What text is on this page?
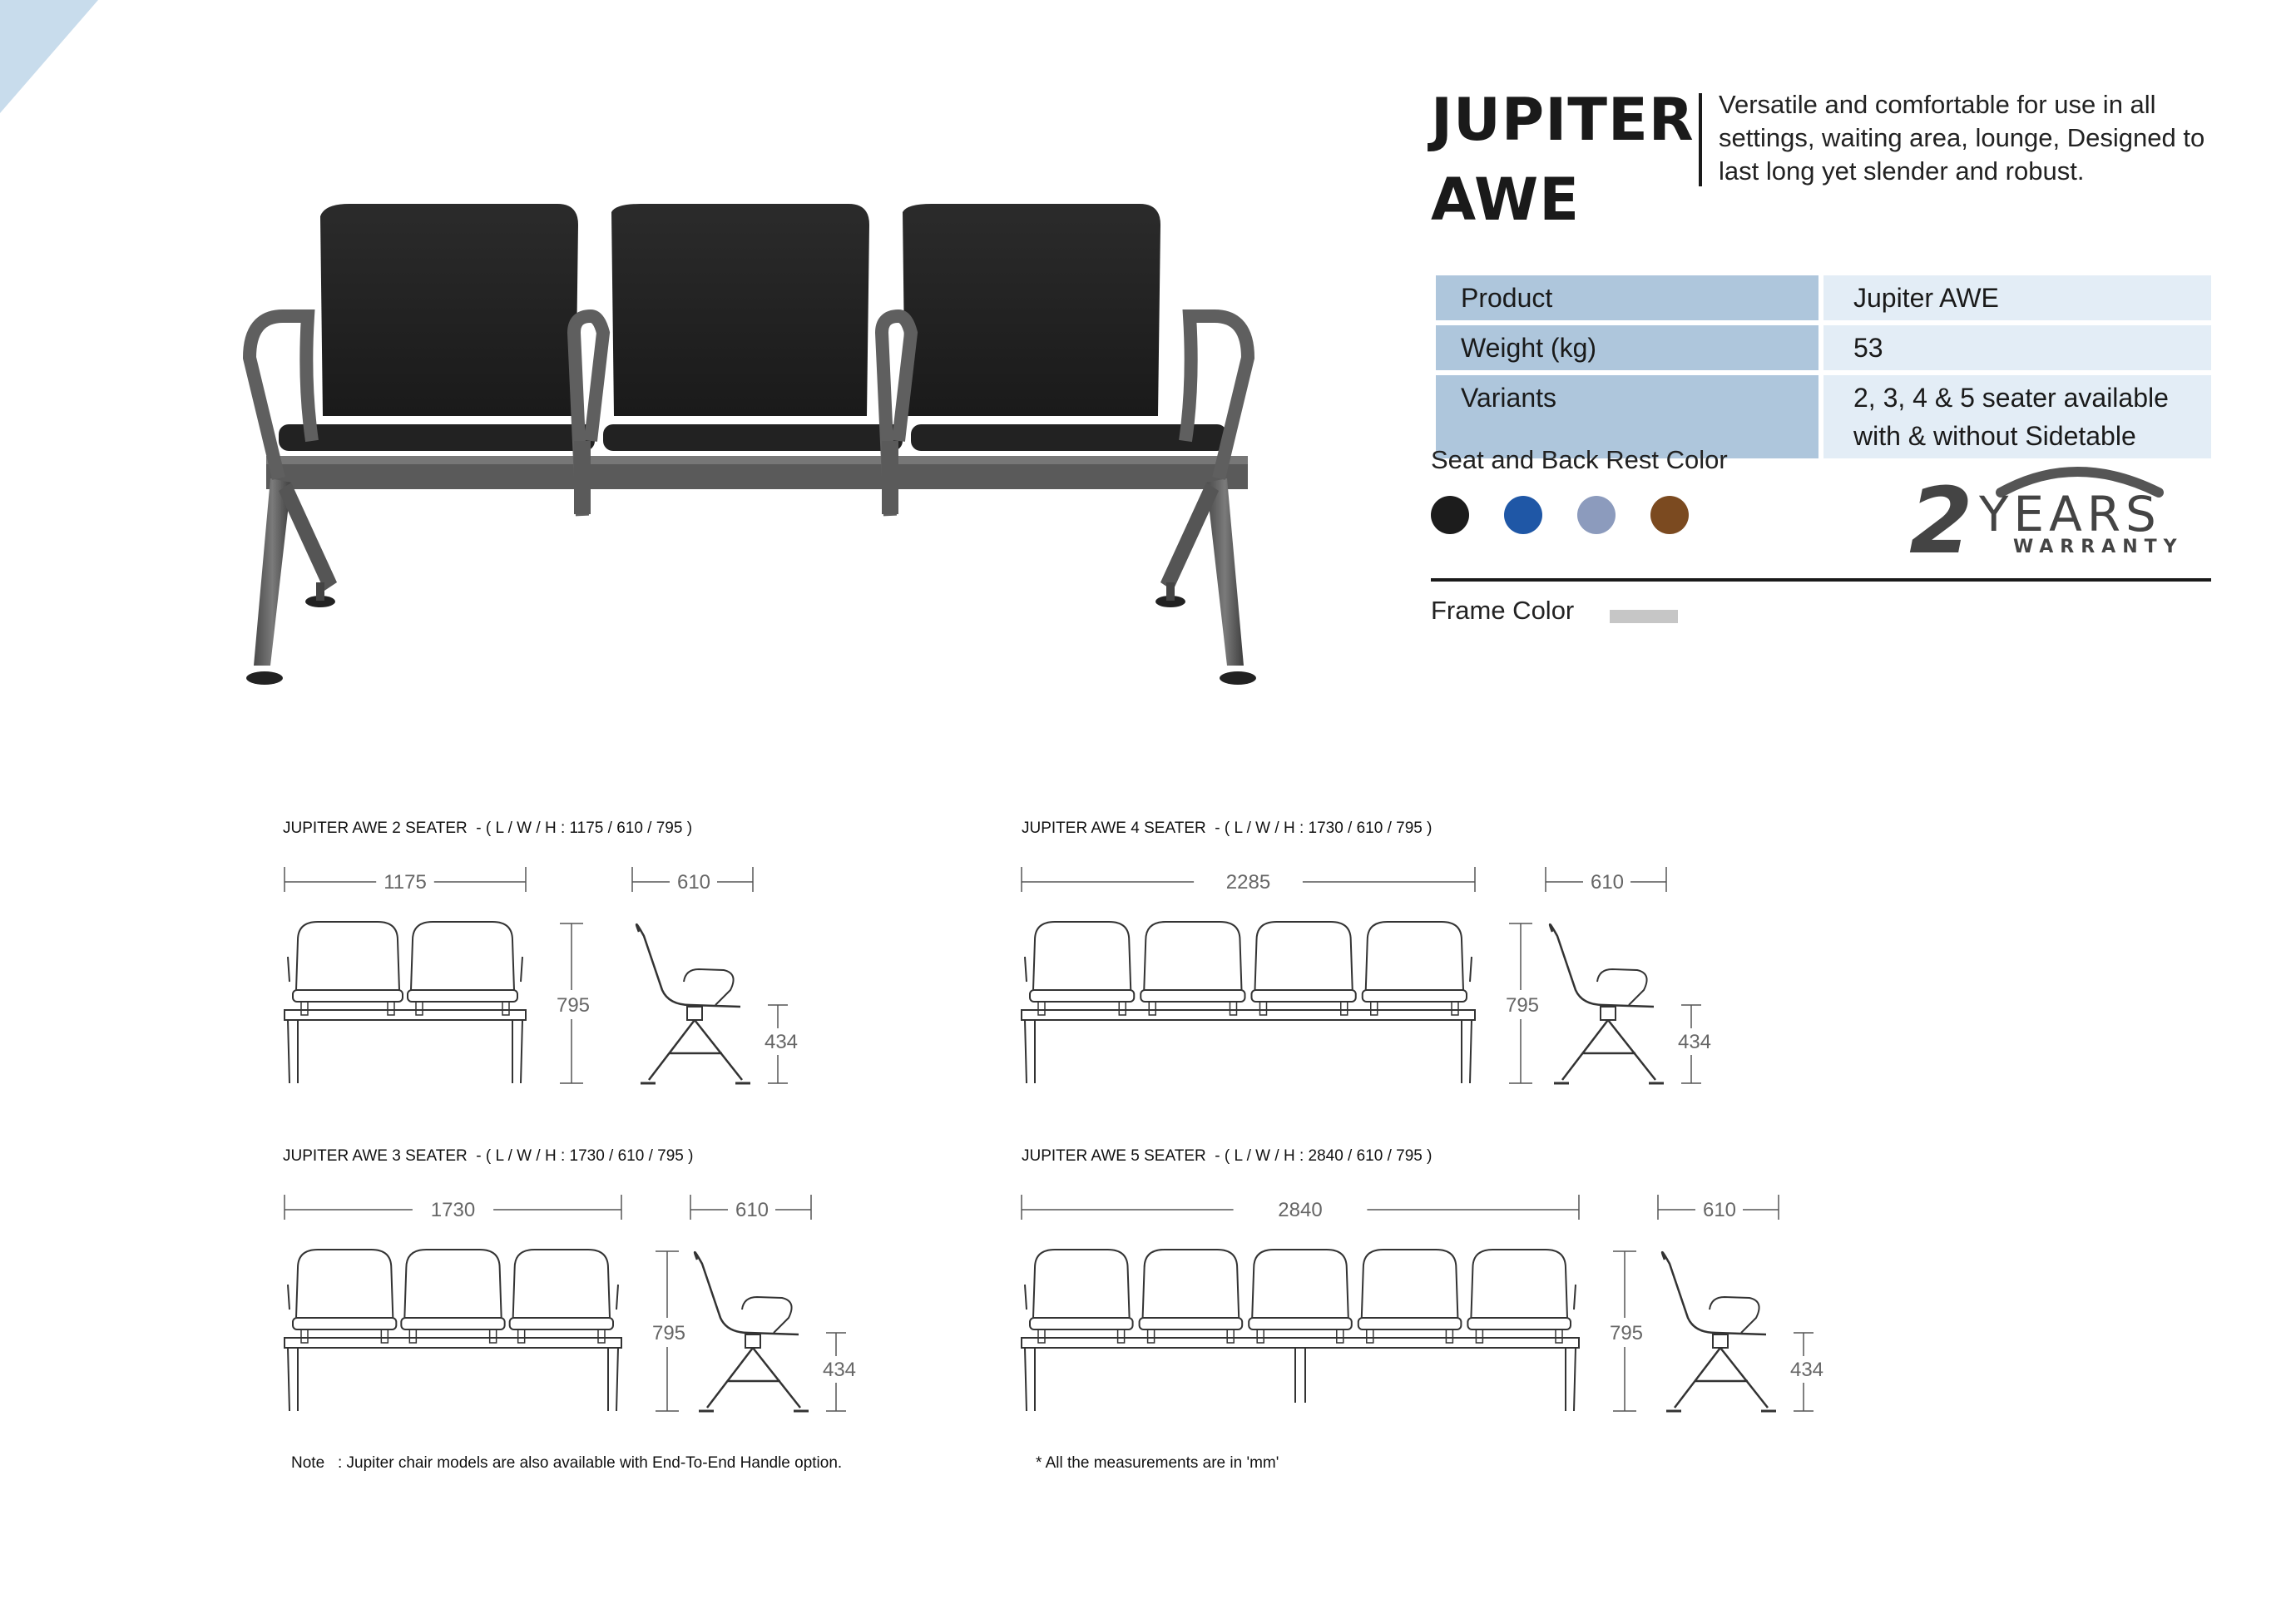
JUPITER
AWE

Versatile and comfortable for use in all settings, waiting area, lounge, Designed to last long yet slender and robust.

Product	Jupiter AWE
Weight (kg)	53
Variants	2, 3, 4 & 5 seater available
with & without Sidetable
Seat and Back Rest Color
2 YEARS
WARRANTY
Frame Color
JUPITER AWE 2 SEATER  - ( L / W / H : 1175 / 610 / 795 )	JUPITER AWE 4 SEATER  - ( L / W / H : 1730 / 610 / 795 )
JUPITER AWE 3 SEATER  - ( L / W / H : 1730 / 610 / 795 )	JUPITER AWE 5 SEATER  - ( L / W / H : 2840 / 610 / 795 )
1175
795
610
434
2285
795
610
434
1730
795
610
434
2840
795
610
434
Note   : Jupiter chair models are also available with End-To-End Handle option.	* All the measurements are in 'mm'
